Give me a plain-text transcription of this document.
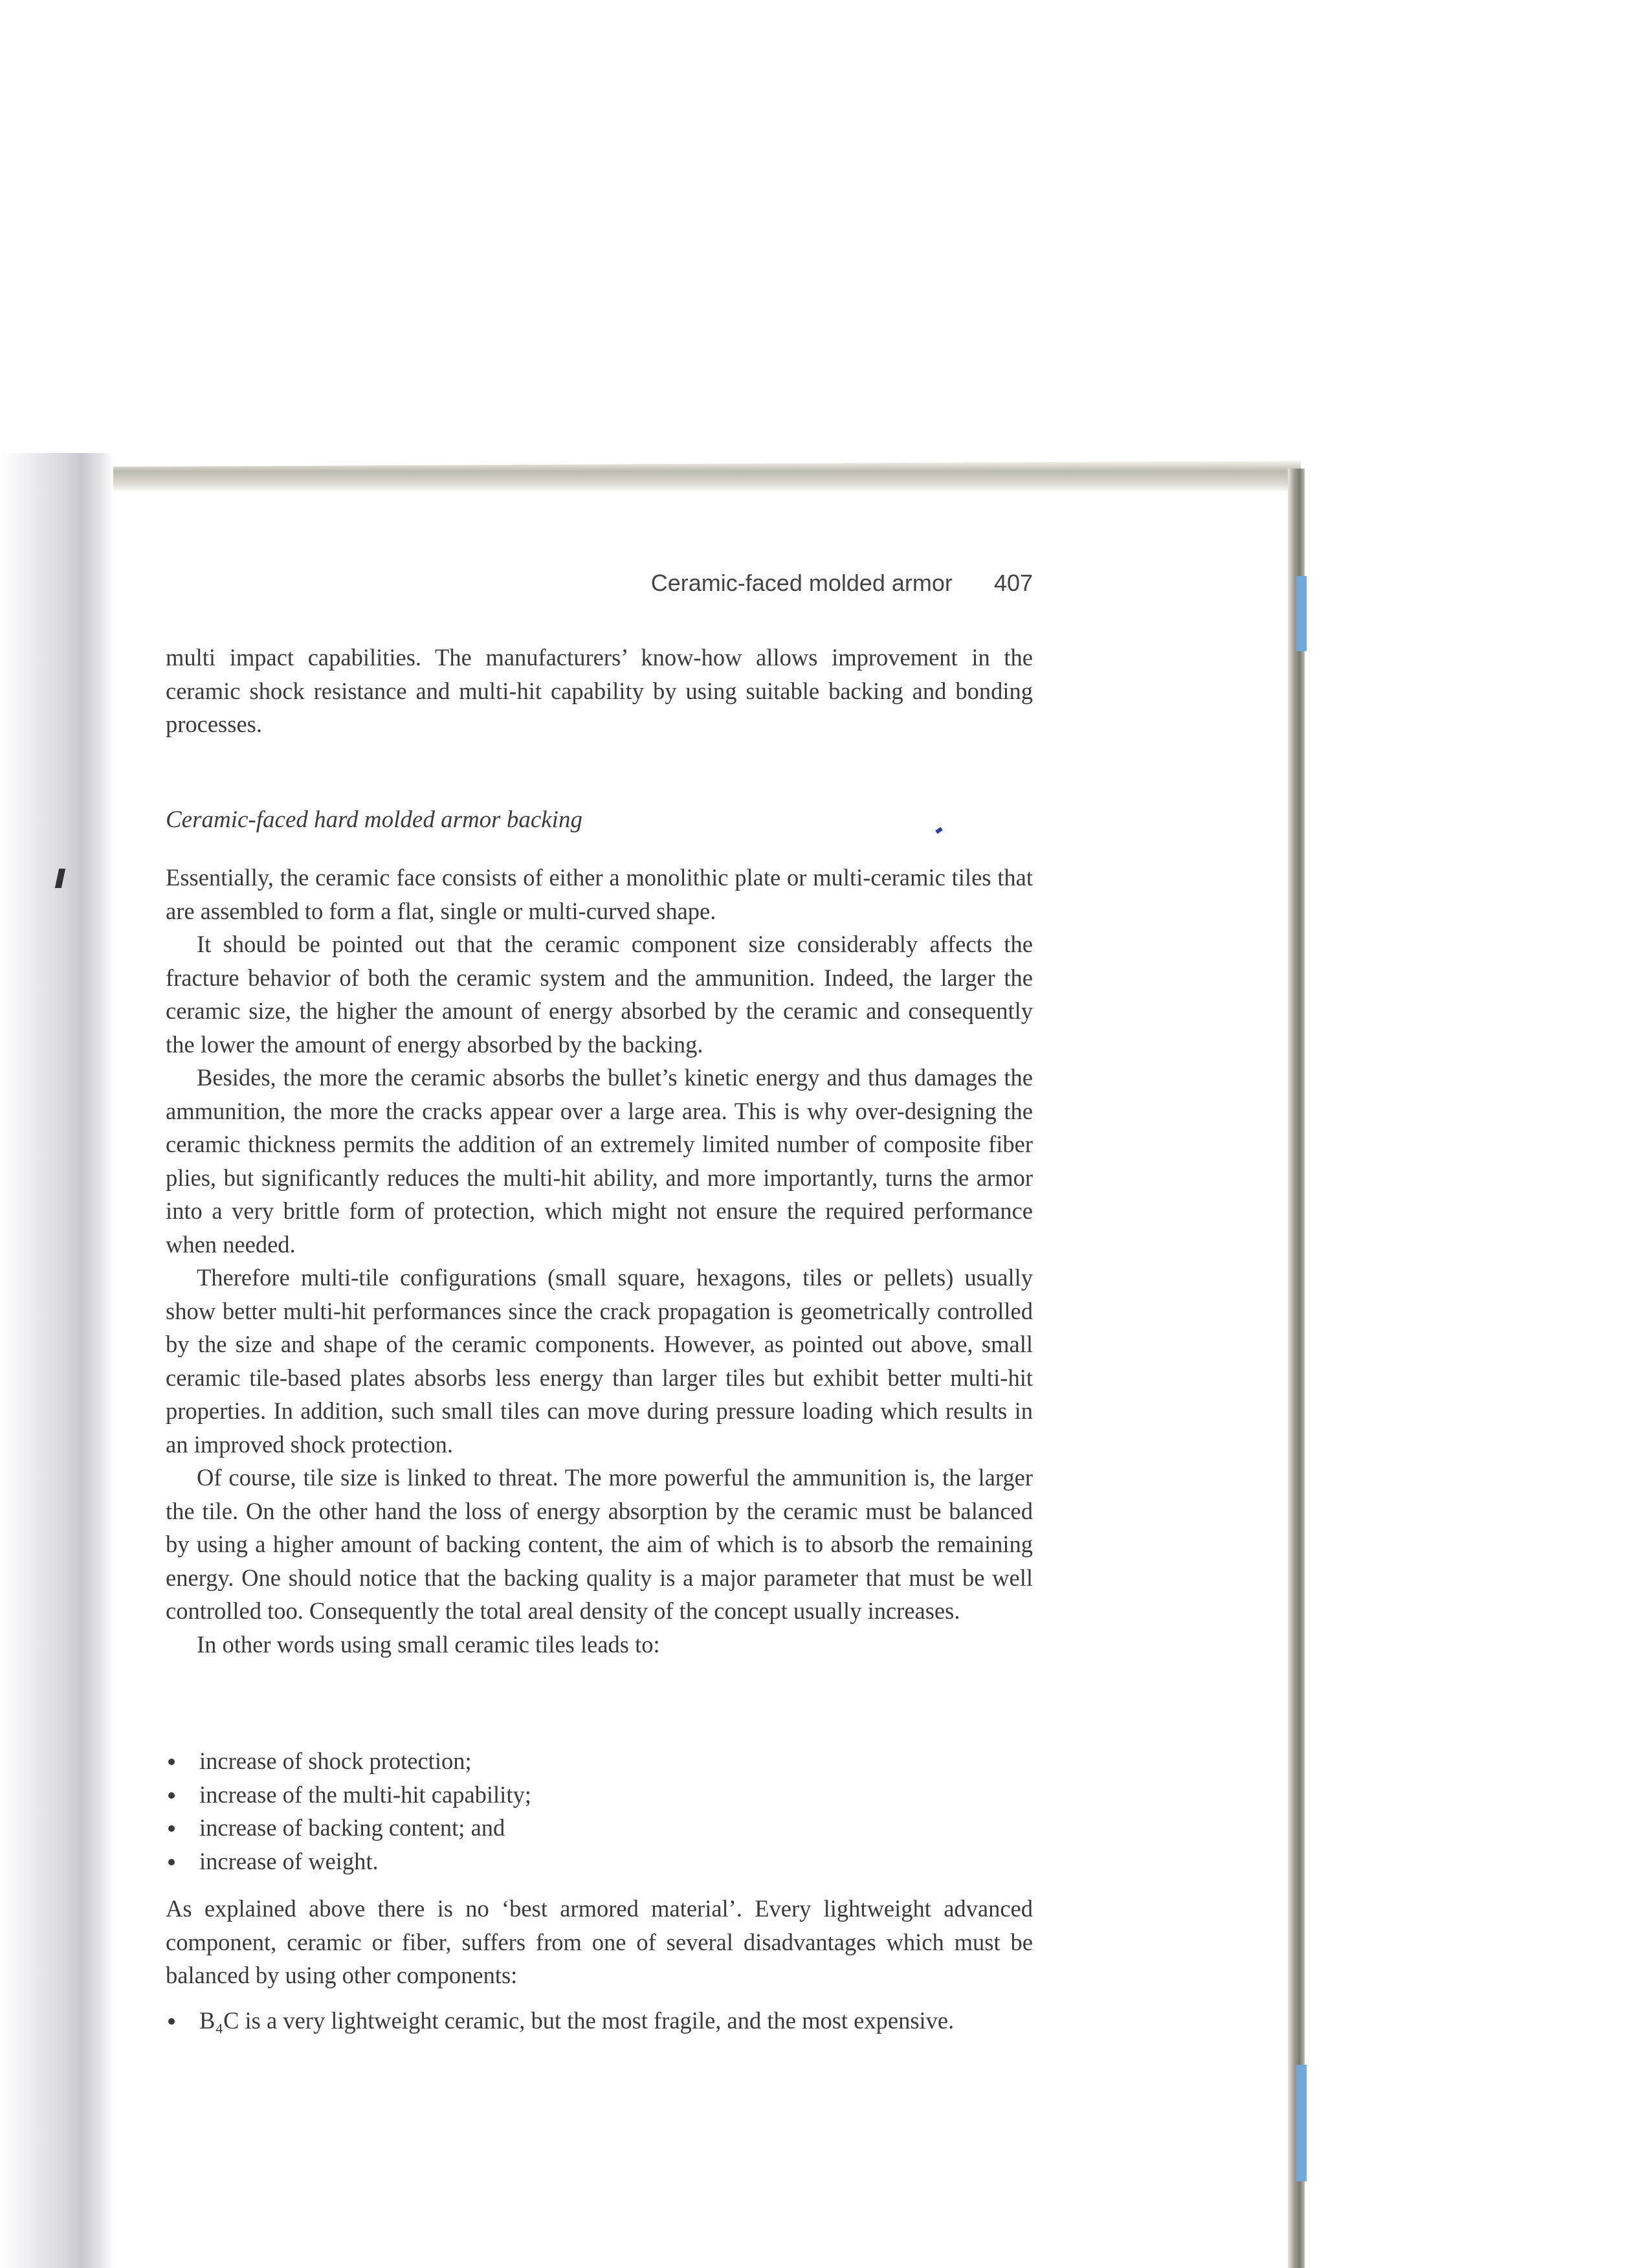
Ceramic-faced molded armor 407

multi impact capabilities. The manufacturers’ know-how allows improvement in the ceramic shock resistance and multi-hit capability by using suitable backing and bonding processes.

Ceramic-faced hard molded armor backing

Essentially, the ceramic face consists of either a monolithic plate or multi-ceramic tiles that are assembled to form a flat, single or multi-curved shape.

It should be pointed out that the ceramic component size considerably affects the fracture behavior of both the ceramic system and the ammunition. Indeed, the larger the ceramic size, the higher the amount of energy absorbed by the ceramic and consequently the lower the amount of energy absorbed by the backing.

Besides, the more the ceramic absorbs the bullet’s kinetic energy and thus damages the ammunition, the more the cracks appear over a large area. This is why over-designing the ceramic thickness permits the addition of an extremely limited number of composite fiber plies, but significantly reduces the multi-hit ability, and more importantly, turns the armor into a very brittle form of protection, which might not ensure the required performance when needed.

Therefore multi-tile configurations (small square, hexagons, tiles or pellets) usually show better multi-hit performances since the crack propagation is geometrically controlled by the size and shape of the ceramic components. However, as pointed out above, small ceramic tile-based plates absorbs less energy than larger tiles but exhibit better multi-hit properties. In addition, such small tiles can move during pressure loading which results in an improved shock protection.

Of course, tile size is linked to threat. The more powerful the ammunition is, the larger the tile. On the other hand the loss of energy absorption by the ceramic must be balanced by using a higher amount of backing content, the aim of which is to absorb the remaining energy. One should notice that the backing quality is a major parameter that must be well controlled too. Consequently the total areal density of the concept usually increases.

In other words using small ceramic tiles leads to:

increase of shock protection;
increase of the multi-hit capability;
increase of backing content; and
increase of weight.

As explained above there is no ‘best armored material’. Every lightweight advanced component, ceramic or fiber, suffers from one of several disadvantages which must be balanced by using other components:

B₄C is a very lightweight ceramic, but the most fragile, and the most expensive.
